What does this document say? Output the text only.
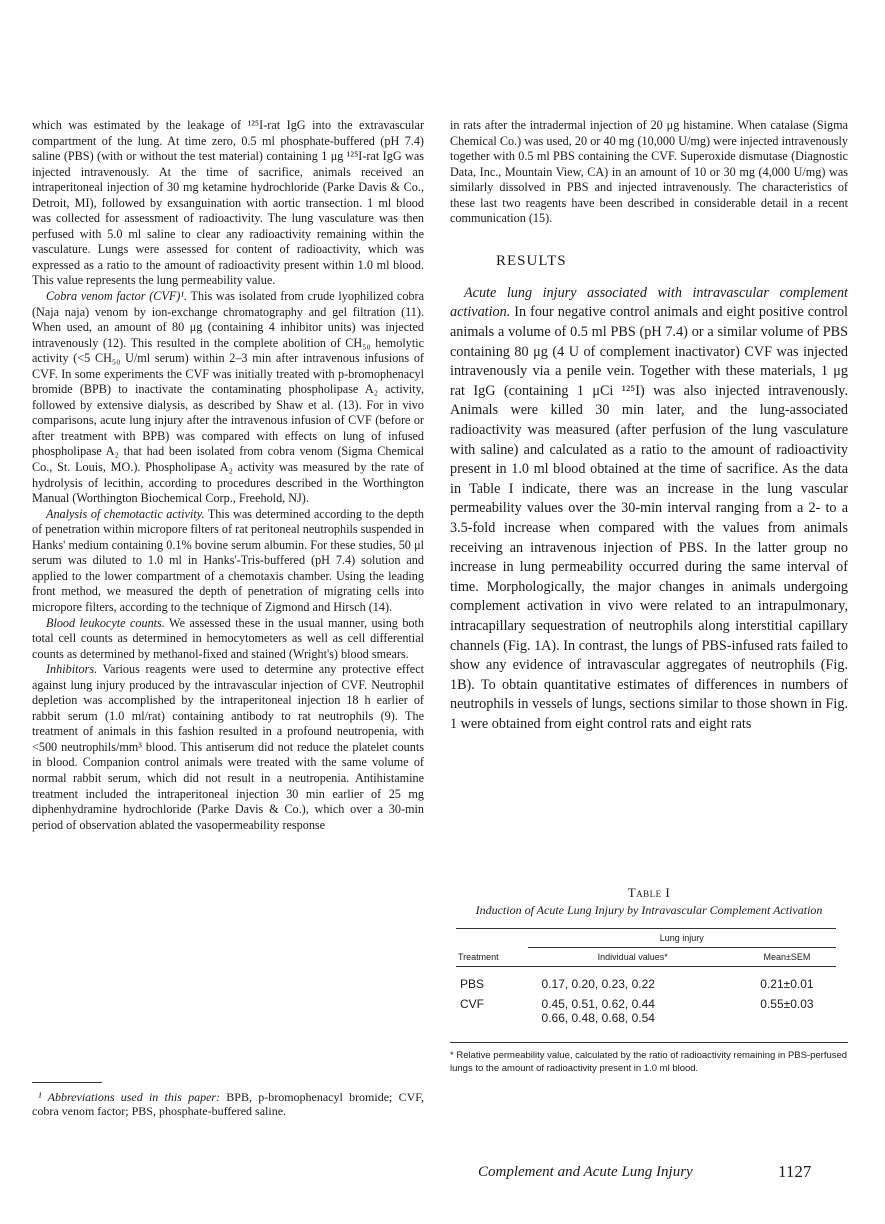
which was estimated by the leakage of ¹²⁵I-rat IgG into the extravascular compartment of the lung. At time zero, 0.5 ml phosphate-buffered (pH 7.4) saline (PBS) (with or without the test material) containing 1 μg ¹²⁵I-rat IgG was injected intravenously. At the time of sacrifice, animals received an intraperitoneal injection of 30 mg ketamine hydrochloride (Parke Davis & Co., Detroit, MI), followed by exsanguination with aortic transection. 1 ml blood was collected for assessment of radioactivity. The lung vasculature was then perfused with 5.0 ml saline to clear any radioactivity remaining within the vasculature. Lungs were assessed for content of radioactivity, which was expressed as a ratio to the amount of radioactivity present within 1.0 ml blood. This value represents the lung permeability value.

Cobra venom factor (CVF)¹. This was isolated from crude lyophilized cobra (Naja naja) venom by ion-exchange chromatography and gel filtration (11). When used, an amount of 80 μg (containing 4 inhibitor units) was injected intravenously (12). This resulted in the complete abolition of CH₅₀ hemolytic activity (<5 CH₅₀ U/ml serum) within 2–3 min after intravenous infusions of CVF. In some experiments the CVF was initially treated with p-bromophenacyl bromide (BPB) to inactivate the contaminating phospholipase A₂ activity, followed by extensive dialysis, as described by Shaw et al. (13). For in vivo comparisons, acute lung injury after the intravenous infusion of CVF (before or after treatment with BPB) was compared with effects on lung of infused phospholipase A₂ that had been isolated from cobra venom (Sigma Chemical Co., St. Louis, MO.). Phospholipase A₂ activity was measured by the rate of hydrolysis of lecithin, according to procedures described in the Worthington Manual (Worthington Biochemical Corp., Freehold, NJ).

Analysis of chemotactic activity. This was determined according to the depth of penetration within micropore filters of rat peritoneal neutrophils suspended in Hanks' medium containing 0.1% bovine serum albumin. For these studies, 50 μl serum was diluted to 1.0 ml in Hanks'-Tris-buffered (pH 7.4) solution and applied to the lower compartment of a chemotaxis chamber. Using the leading front method, we measured the depth of penetration of migrating cells into micropore filters, according to the technique of Zigmond and Hirsch (14).

Blood leukocyte counts. We assessed these in the usual manner, using both total cell counts as determined in hemocytometers as well as cell differential counts as determined by methanol-fixed and stained (Wright's) blood smears.

Inhibitors. Various reagents were used to determine any protective effect against lung injury produced by the intravascular injection of CVF. Neutrophil depletion was accomplished by the intraperitoneal injection 18 h earlier of rabbit serum (1.0 ml/rat) containing antibody to rat neutrophils (9). The treatment of animals in this fashion resulted in a profound neutropenia, with <500 neutrophils/mm³ blood. This antiserum did not reduce the platelet counts in blood. Companion control animals were treated with the same volume of normal rabbit serum, which did not result in a neutropenia. Antihistamine treatment included the intraperitoneal injection 30 min earlier of 25 mg diphenhydramine hydrochloride (Parke Davis & Co.), which over a 30-min period of observation ablated the vasopermeability response

¹ Abbreviations used in this paper: BPB, p-bromophenacyl bromide; CVF, cobra venom factor; PBS, phosphate-buffered saline.

in rats after the intradermal injection of 20 μg histamine. When catalase (Sigma Chemical Co.) was used, 20 or 40 mg (10,000 U/mg) were injected intravenously together with 0.5 ml PBS containing the CVF. Superoxide dismutase (Diagnostic Data, Inc., Mountain View, CA) in an amount of 10 or 30 mg (4,000 U/mg) was similarly dissolved in PBS and injected intravenously. The characteristics of these last two reagents have been described in considerable detail in a recent communication (15).

RESULTS

Acute lung injury associated with intravascular complement activation. In four negative control animals and eight positive control animals a volume of 0.5 ml PBS (pH 7.4) or a similar volume of PBS containing 80 μg (4 U of complement inactivator) CVF was injected intravenously via a penile vein. Together with these materials, 1 μg rat IgG (containing 1 μCi ¹²⁵I) was also injected intravenously. Animals were killed 30 min later, and the lung-associated radioactivity was measured (after perfusion of the lung vasculature with saline) and calculated as a ratio to the amount of radioactivity present in 1.0 ml blood obtained at the time of sacrifice. As the data in Table I indicate, there was an increase in the lung vascular permeability values over the 30-min interval ranging from a 2- to a 3.5-fold increase when compared with the values from animals receiving an intravenous injection of PBS. In the latter group no increase in lung permeability occurred during the same interval of time. Morphologically, the major changes in animals undergoing complement activation in vivo were related to an intrapulmonary, intracapillary sequestration of neutrophils along interstitial capillary channels (Fig. 1A). In contrast, the lungs of PBS-infused rats failed to show any evidence of intravascular aggregates of neutrophils (Fig. 1B). To obtain quantitative estimates of differences in numbers of neutrophils in vessels of lungs, sections similar to those shown in Fig. 1 were obtained from eight control rats and eight rats

Table I
Induction of Acute Lung Injury by Intravascular Complement Activation
	Lung injury	
Treatment	Individual values*	Mean±SEM
PBS	0.17, 0.20, 0.23, 0.22	0.21±0.01
CVF	0.45, 0.51, 0.62, 0.44
0.66, 0.48, 0.68, 0.54	0.55±0.03
* Relative permeability value, calculated by the ratio of radioactivity remaining in PBS-perfused lungs to the amount of radioactivity present in 1.0 ml blood.
Complement and Acute Lung Injury	1127
